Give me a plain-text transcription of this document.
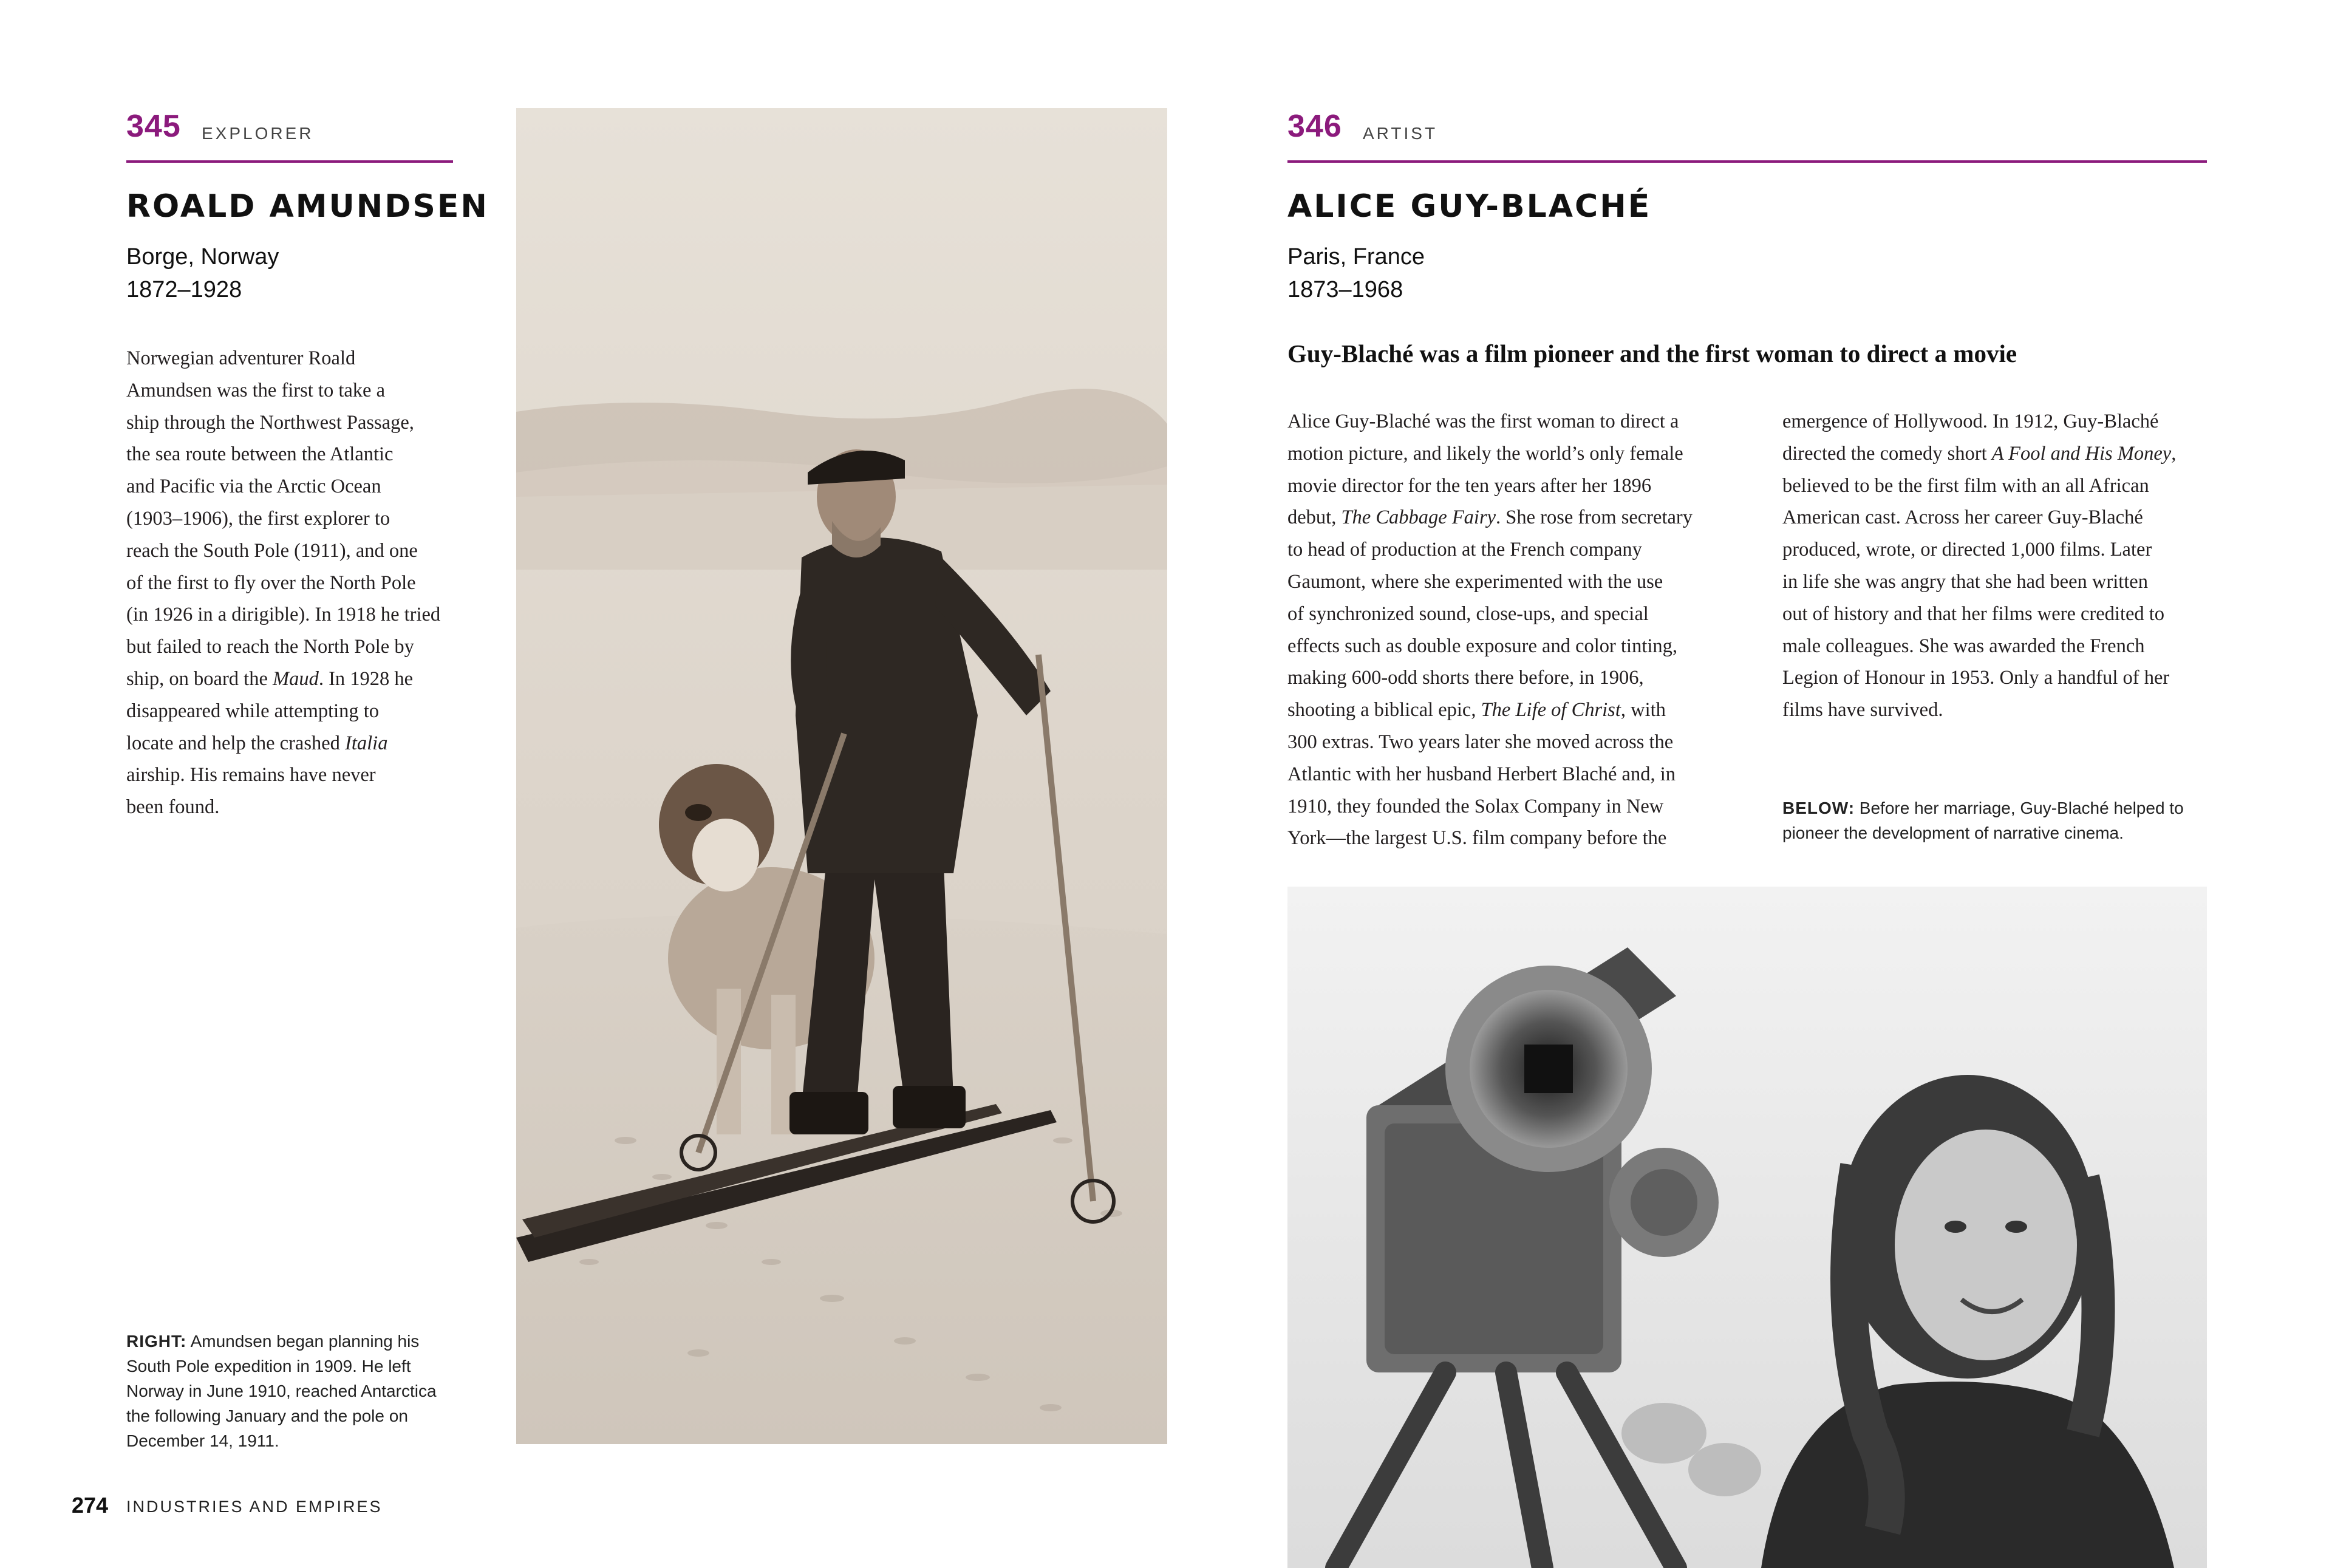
345 EXPLORER
ROALD AMUNDSEN
Borge, Norway
1872–1928
Norwegian adventurer Roald
Amundsen was the first to take a
ship through the Northwest Passage,
the sea route between the Atlantic
and Pacific via the Arctic Ocean
(1903–1906), the first explorer to
reach the South Pole (1911), and one
of the first to fly over the North Pole
(in 1926 in a dirigible). In 1918 he tried
but failed to reach the North Pole by
ship, on board the Maud. In 1928 he
disappeared while attempting to
locate and help the crashed Italia
airship. His remains have never
been found.
RIGHT: Amundsen began planning his
South Pole expedition in 1909. He left
Norway in June 1910, reached Antarctica
the following January and the pole on
December 14, 1911.
274 INDUSTRIES AND EMPIRES
346 ARTIST
ALICE GUY-BLACHÉ
Paris, France
1873–1968
Guy-Blaché was a film pioneer and the first woman to direct a movie
Alice Guy-Blaché was the first woman to direct a
motion picture, and likely the world’s only female
movie director for the ten years after her 1896
debut, The Cabbage Fairy. She rose from secretary
to head of production at the French company
Gaumont, where she experimented with the use
of synchronized sound, close-ups, and special
effects such as double exposure and color tinting,
making 600-odd shorts there before, in 1906,
shooting a biblical epic, The Life of Christ, with
300 extras. Two years later she moved across the
Atlantic with her husband Herbert Blaché and, in
1910, they founded the Solax Company in New
York—the largest U.S. film company before the
emergence of Hollywood. In 1912, Guy-Blaché
directed the comedy short A Fool and His Money,
believed to be the first film with an all African
American cast. Across her career Guy-Blaché
produced, wrote, or directed 1,000 films. Later
in life she was angry that she had been written
out of history and that her films were credited to
male colleagues. She was awarded the French
Legion of Honour in 1953. Only a handful of her
films have survived.
BELOW: Before her marriage, Guy-Blaché helped to
pioneer the development of narrative cinema.
